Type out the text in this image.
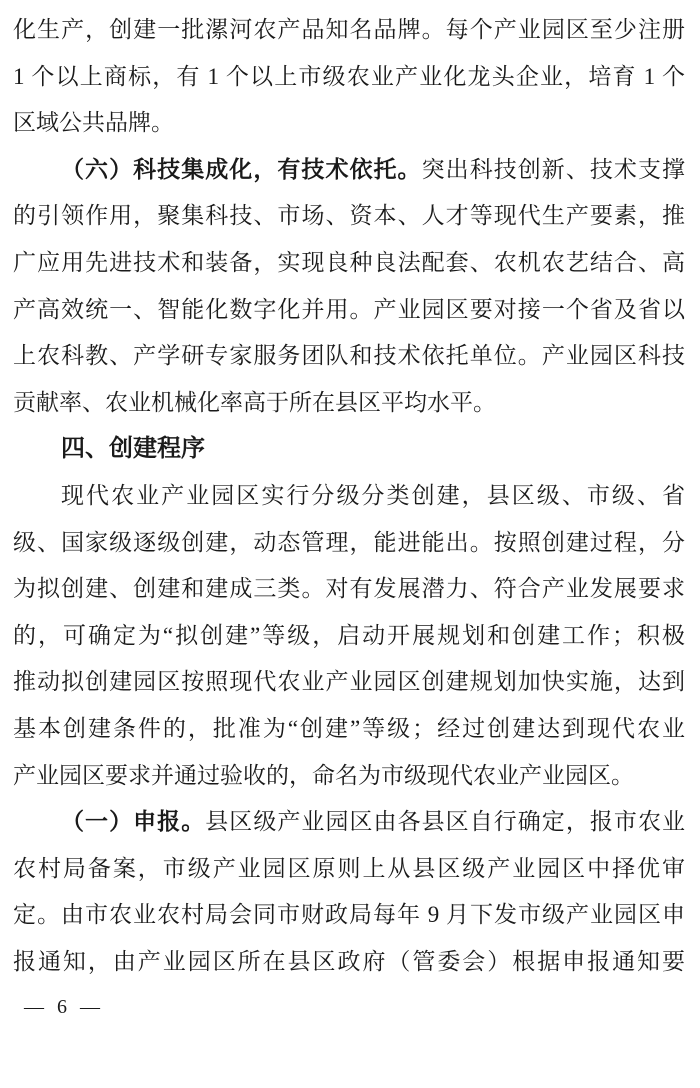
化生产，创建一批漯河农产品知名品牌。每个产业园区至少注册
1 个以上商标，有 1 个以上市级农业产业化龙头企业，培育 1 个
区域公共品牌。
（六）科技集成化，有技术依托。突出科技创新、技术支撑
的引领作用，聚集科技、市场、资本、人才等现代生产要素，推
广应用先进技术和装备，实现良种良法配套、农机农艺结合、高
产高效统一、智能化数字化并用。产业园区要对接一个省及省以
上农科教、产学研专家服务团队和技术依托单位。产业园区科技
贡献率、农业机械化率高于所在县区平均水平。
四、创建程序
现代农业产业园区实行分级分类创建，县区级、市级、省
级、国家级逐级创建，动态管理，能进能出。按照创建过程，分
为拟创建、创建和建成三类。对有发展潜力、符合产业发展要求
的，可确定为“拟创建”等级，启动开展规划和创建工作；积极
推动拟创建园区按照现代农业产业园区创建规划加快实施，达到
基本创建条件的，批准为“创建”等级；经过创建达到现代农业
产业园区要求并通过验收的，命名为市级现代农业产业园区。
（一）申报。县区级产业园区由各县区自行确定，报市农业
农村局备案，市级产业园区原则上从县区级产业园区中择优审
定。由市农业农村局会同市财政局每年 9 月下发市级产业园区申
报通知，由产业园区所在县区政府（管委会）根据申报通知要
— 6 —
